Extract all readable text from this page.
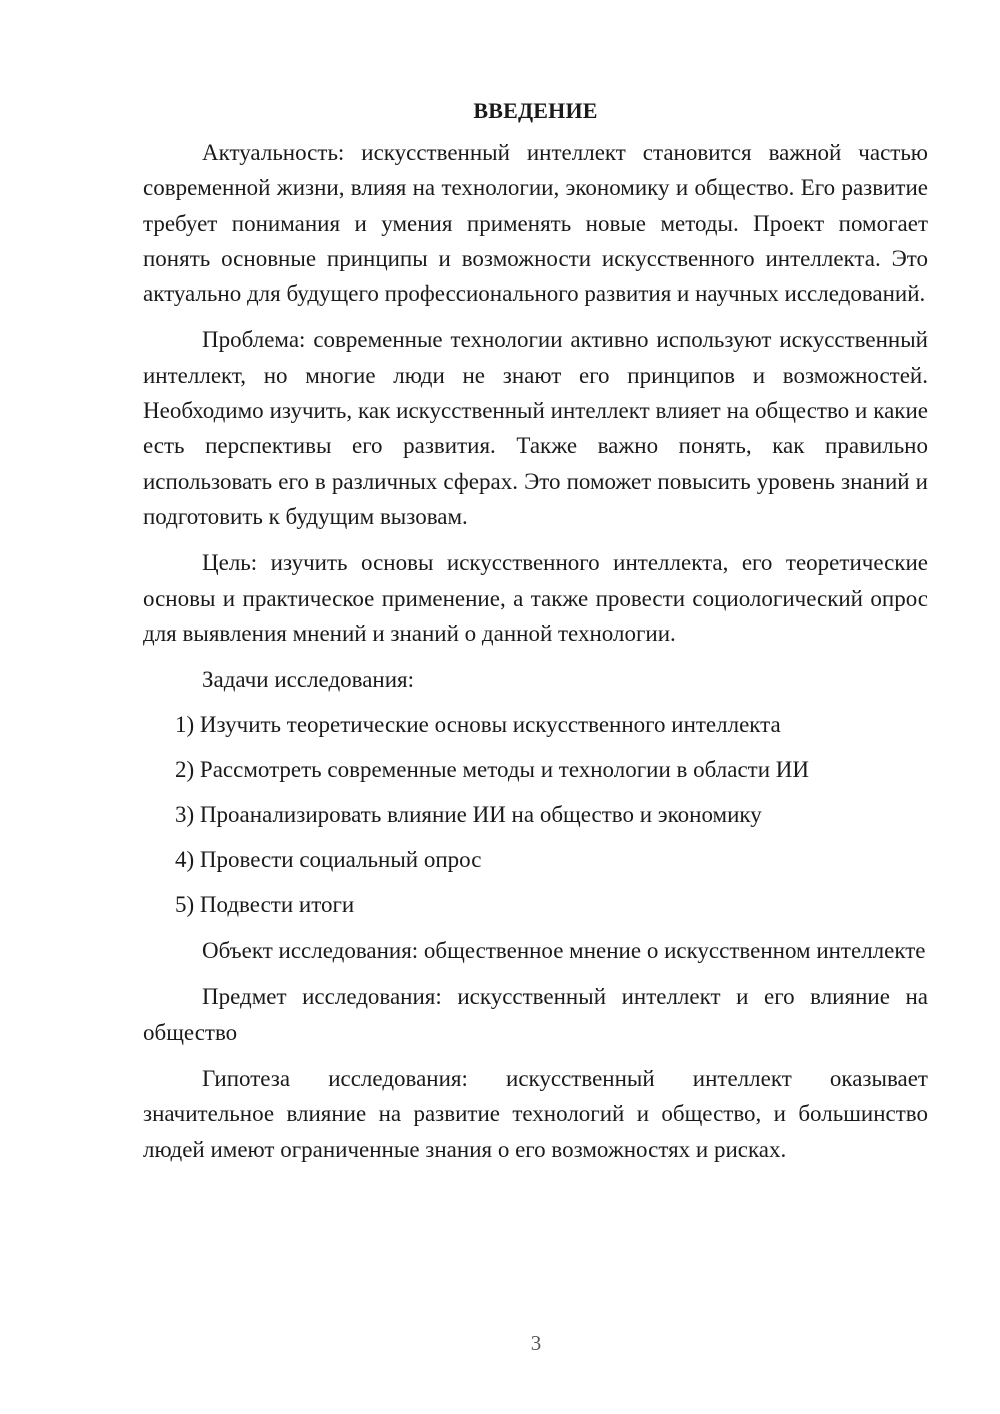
ВВЕДЕНИЕ

Актуальность: искусственный интеллект становится важной частью современной жизни, влияя на технологии, экономику и общество. Его развитие требует понимания и умения применять новые методы. Проект помогает понять основные принципы и возможности искусственного интеллекта. Это актуально для будущего профессионального развития и научных исследований.

Проблема: современные технологии активно используют искусственный интеллект, но многие люди не знают его принципов и возможностей. Необходимо изучить, как искусственный интеллект влияет на общество и какие есть перспективы его развития. Также важно понять, как правильно использовать его в различных сферах. Это поможет повысить уровень знаний и подготовить к будущим вызовам.

Цель: изучить основы искусственного интеллекта, его теоретические основы и практическое применение, а также провести социологический опрос для выявления мнений и знаний о данной технологии.

Задачи исследования:
1) Изучить теоретические основы искусственного интеллекта
2) Рассмотреть современные методы и технологии в области ИИ
3) Проанализировать влияние ИИ на общество и экономику
4) Провести социальный опрос
5) Подвести итоги

Объект исследования: общественное мнение о искусственном интеллекте

Предмет исследования: искусственный интеллект и его влияние на общество

Гипотеза исследования: искусственный интеллект оказывает значительное влияние на развитие технологий и общество, и большинство людей имеют ограниченные знания о его возможностях и рисках.

3
